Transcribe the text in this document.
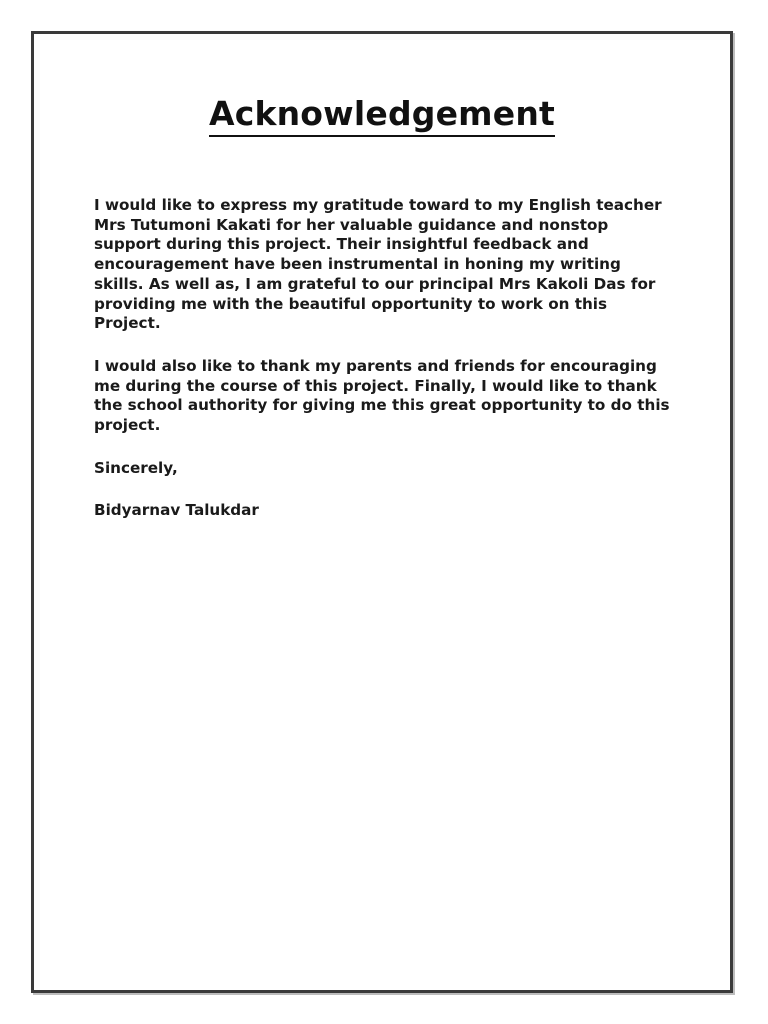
Acknowledgement

I would like to express my gratitude toward to my English teacher Mrs Tutumoni Kakati for her valuable guidance and nonstop support during this project. Their insightful feedback and encouragement have been instrumental in honing my writing skills. As well as, I am grateful to our principal Mrs Kakoli Das for providing me with the beautiful opportunity to work on this Project.

I would also like to thank my parents and friends for encouraging me during the course of this project. Finally, I would like to thank the school authority for giving me this great opportunity to do this project.

Sincerely,

Bidyarnav Talukdar
